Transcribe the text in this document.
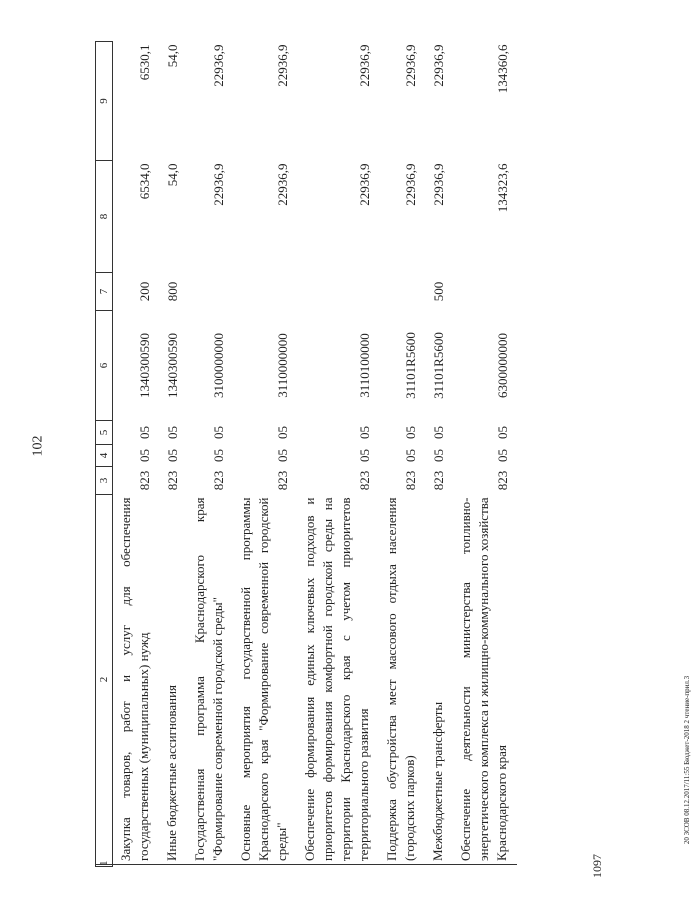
102
20 3СОВ 08.12.2017/11:55 Бюджет-2018 2 чтение-прил.3
1097
1	2	3	4	5	6	7	8	9
	Закупка товаров, работ и услуг для обеспечения государственных (муниципальных) нужд	823	05	05	1340300590	200	6534,0	6530,1
	Иные бюджетные ассигнования	823	05	05	1340300590	800	54,0	54,0
	Государственная программа Краснодарского края "Формирование современной городской среды"	823	05	05	3100000000		22936,9	22936,9
	Основные мероприятия государственной программы Краснодарского края "Формирование современной городской среды"	823	05	05	3110000000		22936,9	22936,9
	Обеспечение формирования единых ключевых подходов и приоритетов формирования комфортной городской среды на территории Краснодарского края с учетом приоритетов территориального развития	823	05	05	3110100000		22936,9	22936,9
	Поддержка обустройства мест массового отдыха населения (городских парков)	823	05	05	31101R5600		22936,9	22936,9
	Межбюджетные трансферты	823	05	05	31101R5600	500	22936,9	22936,9
	Обеспечение деятельности министерства топливно-энергетического комплекса и жилищно-коммунального хозяйства Краснодарского края	823	05	05	6300000000		134323,6	134360,6
